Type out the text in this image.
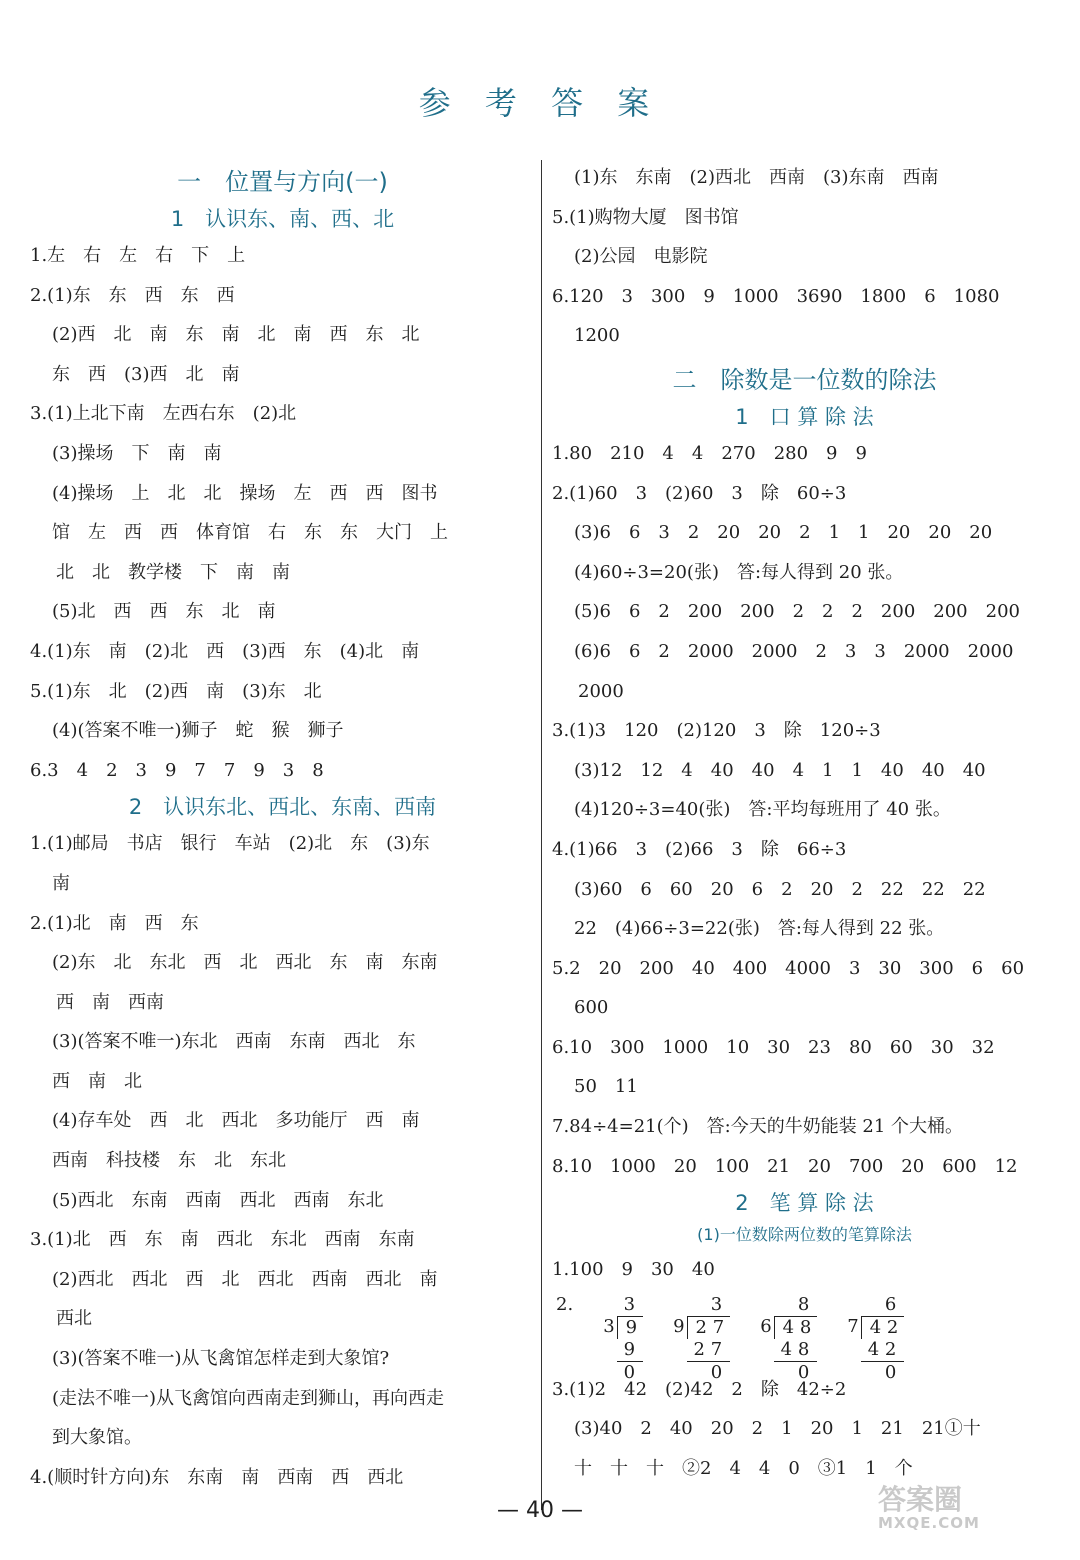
参 考 答 案
一　位置与方向(一)
1　认识东、南、西、北
1.左　右　左　右　下　上
2.(1)东　东　西　东　西
(2)西　北　南　东　南　北　南　西　东　北
东　西　(3)西　北　南
3.(1)上北下南　左西右东　(2)北
(3)操场　下　南　南
(4)操场　上　北　北　操场　左　西　西　图书
馆　左　西　西　体育馆　右　东　东　大门　上
北　北　教学楼　下　南　南
(5)北　西　西　东　北　南
4.(1)东　南　(2)北　西　(3)西　东　(4)北　南
5.(1)东　北　(2)西　南　(3)东　北
(4)(答案不唯一)狮子　蛇　猴　狮子
6.3　4　2　3　9　7　7　9　3　8
2　认识东北、西北、东南、西南
1.(1)邮局　书店　银行　车站　(2)北　东　(3)东
南
2.(1)北　南　西　东
(2)东　北　东北　西　北　西北　东　南　东南
西　南　西南
(3)(答案不唯一)东北　西南　东南　西北　东
西　南　北
(4)存车处　西　北　西北　多功能厅　西　南
西南　科技楼　东　北　东北
(5)西北　东南　西南　西北　西南　东北
3.(1)北　西　东　南　西北　东北　西南　东南
(2)西北　西北　西　北　西北　西南　西北　南
西北
(3)(答案不唯一)从飞禽馆怎样走到大象馆?
(走法不唯一)从飞禽馆向西南走到狮山，再向西走
到大象馆。
4.(顺时针方向)东　东南　南　西南　西　西北
(1)东　东南　(2)西北　西南　(3)东南　西南
5.(1)购物大厦　图书馆
(2)公园　电影院
6.120　3　300　9　1000　3690　1800　6　1080
1200
二　除数是一位数的除法
1　口 算 除 法
1.80　210　4　4　270　280　9　9
2.(1)60　3　(2)60　3　除　60÷3
(3)6　6　3　2　20　20　2　1　1　20　20　20
(4)60÷3=20(张)　答:每人得到 20 张。
(5)6　6　2　200　200　2　2　2　200　200　200
(6)6　6　2　2000　2000　2　3　3　2000　2000
2000
3.(1)3　120　(2)120　3　除　120÷3
(3)12　12　4　40　40　4　1　1　40　40　40
(4)120÷3=40(张)　答:平均每班用了 40 张。
4.(1)66　3　(2)66　3　除　66÷3
(3)60　6　60　20　6　2　20　2　22　22　22
22　(4)66÷3=22(张)　答:每人得到 22 张。
5.2　20　200　40　400　4000　3　30　300　6　60
600
6.10　300　1000　10　30　23　80　60　30　32
50　11
7.84÷4=21(个)　答:今天的牛奶能装 21 个大桶。
8.10　1000　20　100　21　20　700　20　600　12
2　笔 算 除 法
(1)一位数除两位数的笔算除法
1.100　9　30　40
2.	3
3 9
9
0
3
9 2 7
2 7
0
8
6 4 8
4 8
0
6
7 4 2
4 2
0
3.(1)2　42　(2)42　2　除　42÷2
(3)40　2　40　20　2　1　20　1　21　21①十
十　十　十　②2　4　4　0　③1　1　个
— 40 —	答案圈
MXQE.COM
